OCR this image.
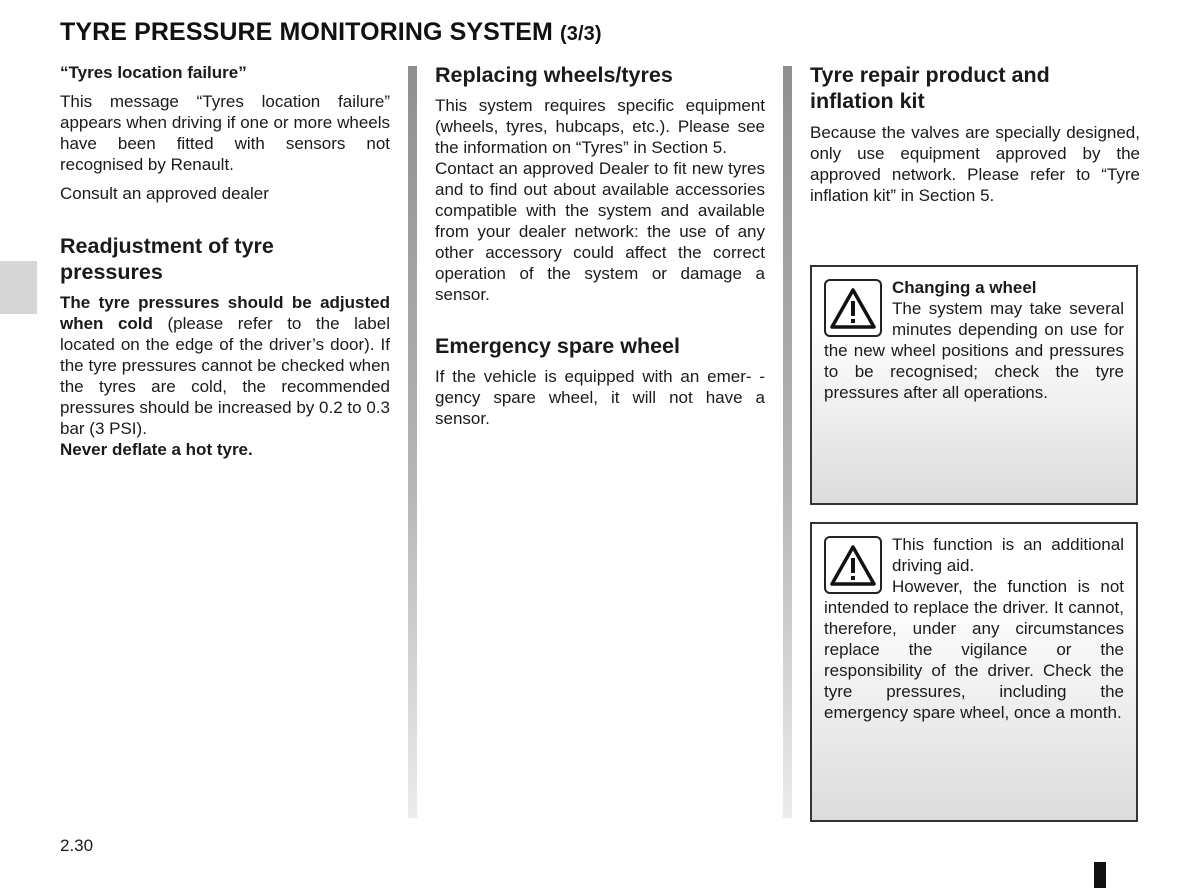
TYRE PRESSURE MONITORING SYSTEM (3/3)

“Tyres location failure”

This message “Tyres location failure” appears when driving if one or more wheels have been fitted with sensors not recognised by Renault.

Consult an approved dealer

Readjustment of tyre pressures

The tyre pressures should be adjusted when cold (please refer to the label located on the edge of the driver’s door). If the tyre pressures cannot be checked when the tyres are cold, the recommended pressures should be increased by 0.2 to 0.3 bar (3 PSI).

Never deflate a hot tyre.

Replacing wheels/tyres

This system requires specific equipment (wheels, tyres, hubcaps, etc.). Please see the information on “Tyres” in Section 5.

Contact an approved Dealer to fit new tyres and to find out about available accessories compatible with the system and available from your dealer network: the use of any other accessory could affect the correct operation of the system or damage a sensor.

Emergency spare wheel

If the vehicle is equipped with an emer- - gency spare wheel, it will not have a sensor.

Tyre repair product and inflation kit

Because the valves are specially designed, only use equipment approved by the approved network. Please refer to “Tyre inflation kit” in Section 5.

Changing a wheel

The system may take several minutes depending on use for the new wheel positions and pressures to be recognised; check the tyre pressures after all operations.

This function is an additional driving aid.

However, the function is not intended to replace the driver. It cannot, therefore, under any circumstances replace the vigilance or the responsibility of the driver. Check the tyre pressures, including the emergency spare wheel, once a month.

2.30
